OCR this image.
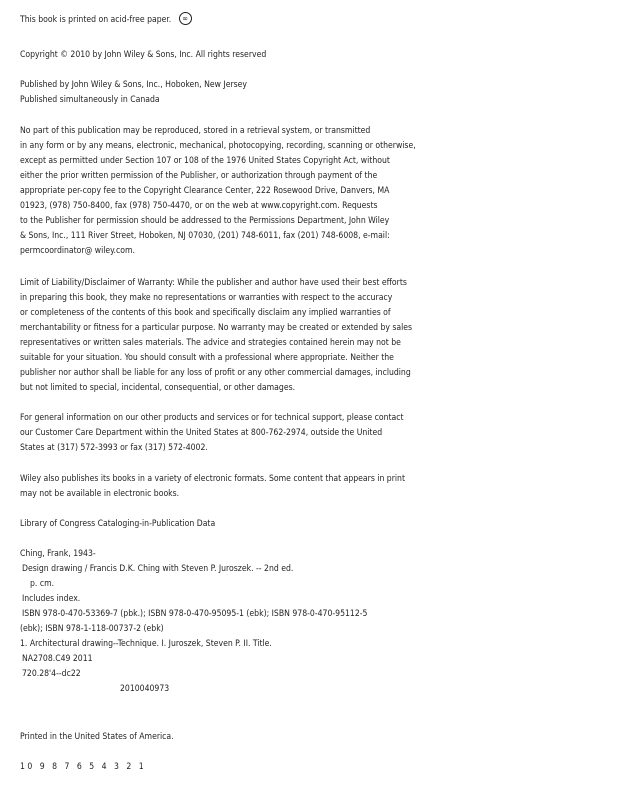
This book is printed on acid-free paper. ∞
Copyright © 2010 by John Wiley & Sons, Inc. All rights reserved
Published by John Wiley & Sons, Inc., Hoboken, New Jersey
Published simultaneously in Canada
No part of this publication may be reproduced, stored in a retrieval system, or transmitted
in any form or by any means, electronic, mechanical, photocopying, recording, scanning or otherwise,
except as permitted under Section 107 or 108 of the 1976 United States Copyright Act, without
either the prior written permission of the Publisher, or authorization through payment of the
appropriate per-copy fee to the Copyright Clearance Center, 222 Rosewood Drive, Danvers, MA
01923, (978) 750-8400, fax (978) 750-4470, or on the web at www.copyright.com. Requests
to the Publisher for permission should be addressed to the Permissions Department, John Wiley
& Sons, Inc., 111 River Street, Hoboken, NJ 07030, (201) 748-6011, fax (201) 748-6008, e-mail:
permcoordinator@ wiley.com.
Limit of Liability/Disclaimer of Warranty: While the publisher and author have used their best efforts
in preparing this book, they make no representations or warranties with respect to the accuracy
or completeness of the contents of this book and specifically disclaim any implied warranties of
merchantability or fitness for a particular purpose. No warranty may be created or extended by sales
representatives or written sales materials. The advice and strategies contained herein may not be
suitable for your situation. You should consult with a professional where appropriate. Neither the
publisher nor author shall be liable for any loss of profit or any other commercial damages, including
but not limited to special, incidental, consequential, or other damages.
For general information on our other products and services or for technical support, please contact
our Customer Care Department within the United States at 800-762-2974, outside the United
States at (317) 572-3993 or fax (317) 572-4002.
Wiley also publishes its books in a variety of electronic formats. Some content that appears in print
may not be available in electronic books.
Library of Congress Cataloging-in-Publication Data
Ching, Frank, 1943-
Design drawing / Francis D.K. Ching with Steven P. Juroszek. -- 2nd ed.
p. cm.
Includes index.
ISBN 978-0-470-53369-7 (pbk.); ISBN 978-0-470-95095-1 (ebk); ISBN 978-0-470-95112-5
(ebk); ISBN 978-1-118-00737-2 (ebk)
1. Architectural drawing--Technique. I. Juroszek, Steven P. II. Title.
NA2708.C49 2011
720.28'4--dc22
2010040973
Printed in the United States of America.
10 9 8 7 6 5 4 3 2 1
